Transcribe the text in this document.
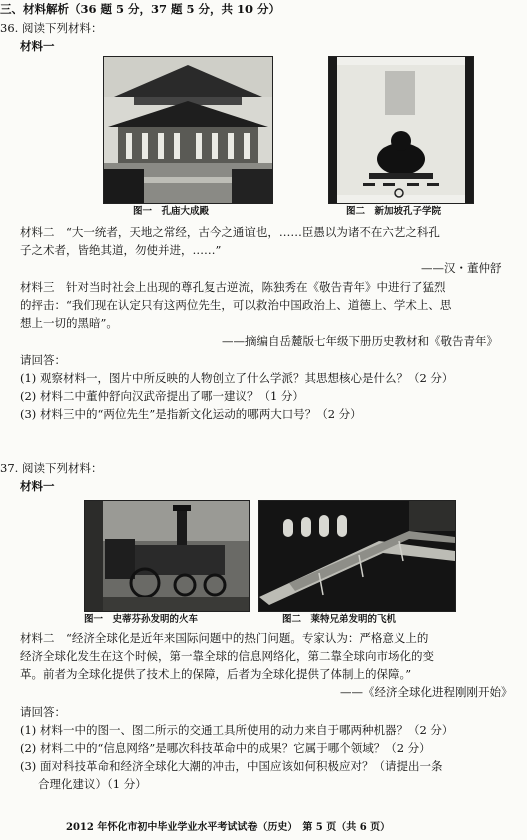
三、材料解析（36 题 5 分，37 题 5 分，共 10 分）
36. 阅读下列材料：
材料一
图一　孔庙大成殿	图二　新加坡孔子学院
材料二　“大一统者，天地之常经，古今之通谊也，……臣愚以为诸不在六艺之科孔
子之术者，皆绝其道，勿使并进，……”
——汉・董仲舒
材料三　针对当时社会上出现的尊孔复古逆流，陈独秀在《敬告青年》中进行了猛烈
的抨击：“我们现在认定只有这两位先生，可以救治中国政治上、道德上、学术上、思
想上一切的黑暗”。
——摘编自岳麓版七年级下册历史教材和《敬告青年》
请回答：
(1) 观察材料一，图片中所反映的人物创立了什么学派？其思想核心是什么？（2 分）
(2) 材料二中董仲舒向汉武帝提出了哪一建议？（1 分）
(3) 材料三中的“两位先生”是指新文化运动的哪两大口号？（2 分）
37. 阅读下列材料：
材料一
图一　史蒂芬孙发明的火车	图二　莱特兄弟发明的飞机
材料二　“经济全球化是近年来国际问题中的热门问题。专家认为：严格意义上的
经济全球化发生在这个时候，第一靠全球的信息网络化，第二靠全球向市场化的变
革。前者为全球化提供了技术上的保障，后者为全球化提供了体制上的保障。”
——《经济全球化进程刚刚开始》
请回答：
(1) 材料一中的图一、图二所示的交通工具所使用的动力来自于哪两种机器？（2 分）
(2) 材料二中的“信息网络”是哪次科技革命中的成果？它属于哪个领域？（2 分）
(3) 面对科技革命和经济全球化大潮的冲击，中国应该如何积极应对？（请提出一条
合理化建议）（1 分）
2012 年怀化市初中毕业学业水平考试试卷（历史）　第 5 页（共 6 页）
